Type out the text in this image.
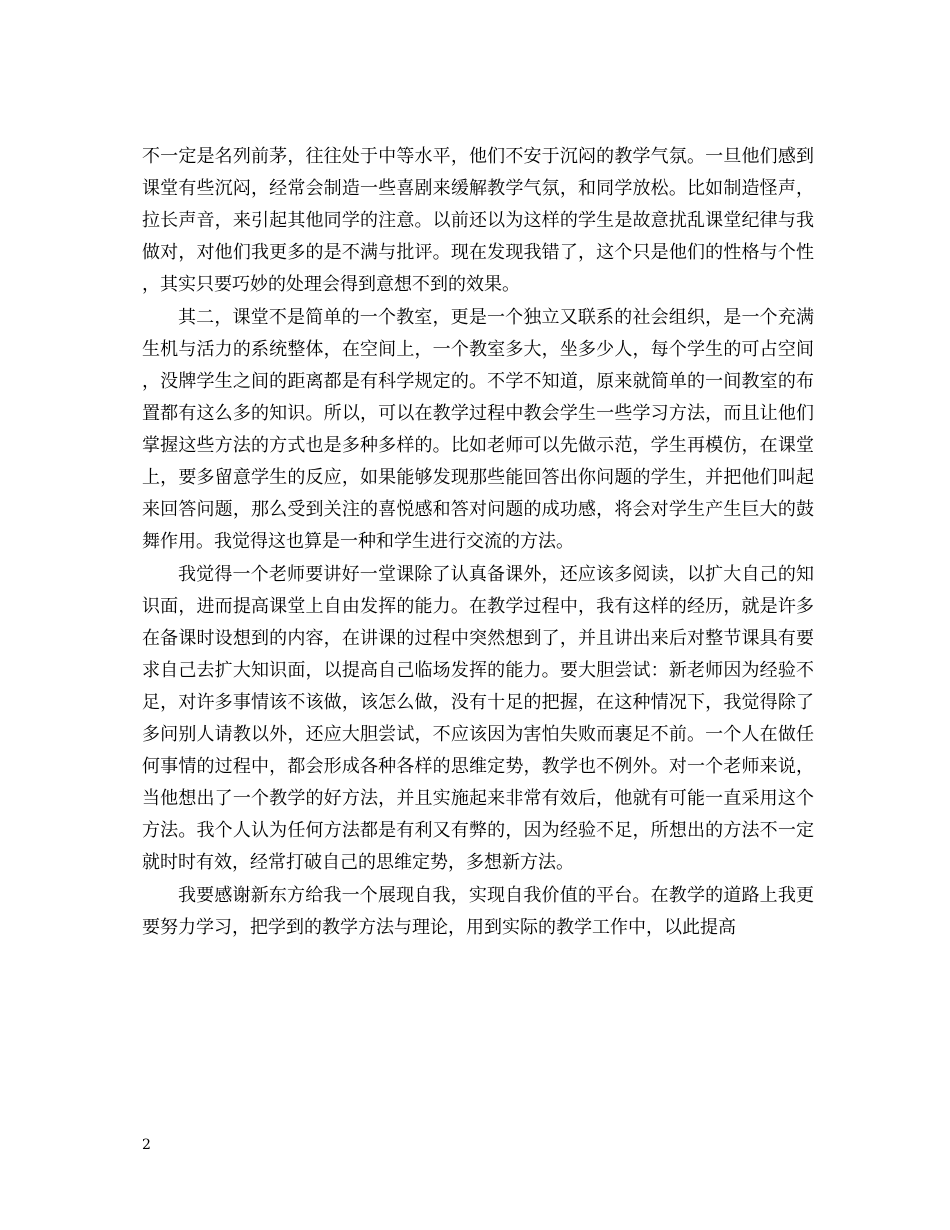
不一定是名列前茅，往往处于中等水平，他们不安于沉闷的教学气氛。一旦他们感到课堂有些沉闷，经常会制造一些喜剧来缓解教学气氛，和同学放松。比如制造怪声，拉长声音，来引起其他同学的注意。以前还以为这样的学生是故意扰乱课堂纪律与我做对，对他们我更多的是不满与批评。现在发现我错了，这个只是他们的性格与个性，其实只要巧妙的处理会得到意想不到的效果。

其二，课堂不是简单的一个教室，更是一个独立又联系的社会组织，是一个充满生机与活力的系统整体，在空间上，一个教室多大，坐多少人，每个学生的可占空间，没牌学生之间的距离都是有科学规定的。不学不知道，原来就简单的一间教室的布置都有这么多的知识。所以，可以在教学过程中教会学生一些学习方法，而且让他们掌握这些方法的方式也是多种多样的。比如老师可以先做示范，学生再模仿，在课堂上，要多留意学生的反应，如果能够发现那些能回答出你问题的学生，并把他们叫起来回答问题，那么受到关注的喜悦感和答对问题的成功感，将会对学生产生巨大的鼓舞作用。我觉得这也算是一种和学生进行交流的方法。

我觉得一个老师要讲好一堂课除了认真备课外，还应该多阅读，以扩大自己的知识面，进而提高课堂上自由发挥的能力。在教学过程中，我有这样的经历，就是许多在备课时设想到的内容，在讲课的过程中突然想到了，并且讲出来后对整节课具有要求自己去扩大知识面，以提高自己临场发挥的能力。要大胆尝试：新老师因为经验不足，对许多事情该不该做，该怎么做，没有十足的把握，在这种情况下，我觉得除了多问别人请教以外，还应大胆尝试，不应该因为害怕失败而裹足不前。一个人在做任何事情的过程中，都会形成各种各样的思维定势，教学也不例外。对一个老师来说，当他想出了一个教学的好方法，并且实施起来非常有效后，他就有可能一直采用这个方法。我个人认为任何方法都是有利又有弊的，因为经验不足，所想出的方法不一定就时时有效，经常打破自己的思维定势，多想新方法。

我要感谢新东方给我一个展现自我，实现自我价值的平台。在教学的道路上我更要努力学习，把学到的教学方法与理论，用到实际的教学工作中，以此提高

2
